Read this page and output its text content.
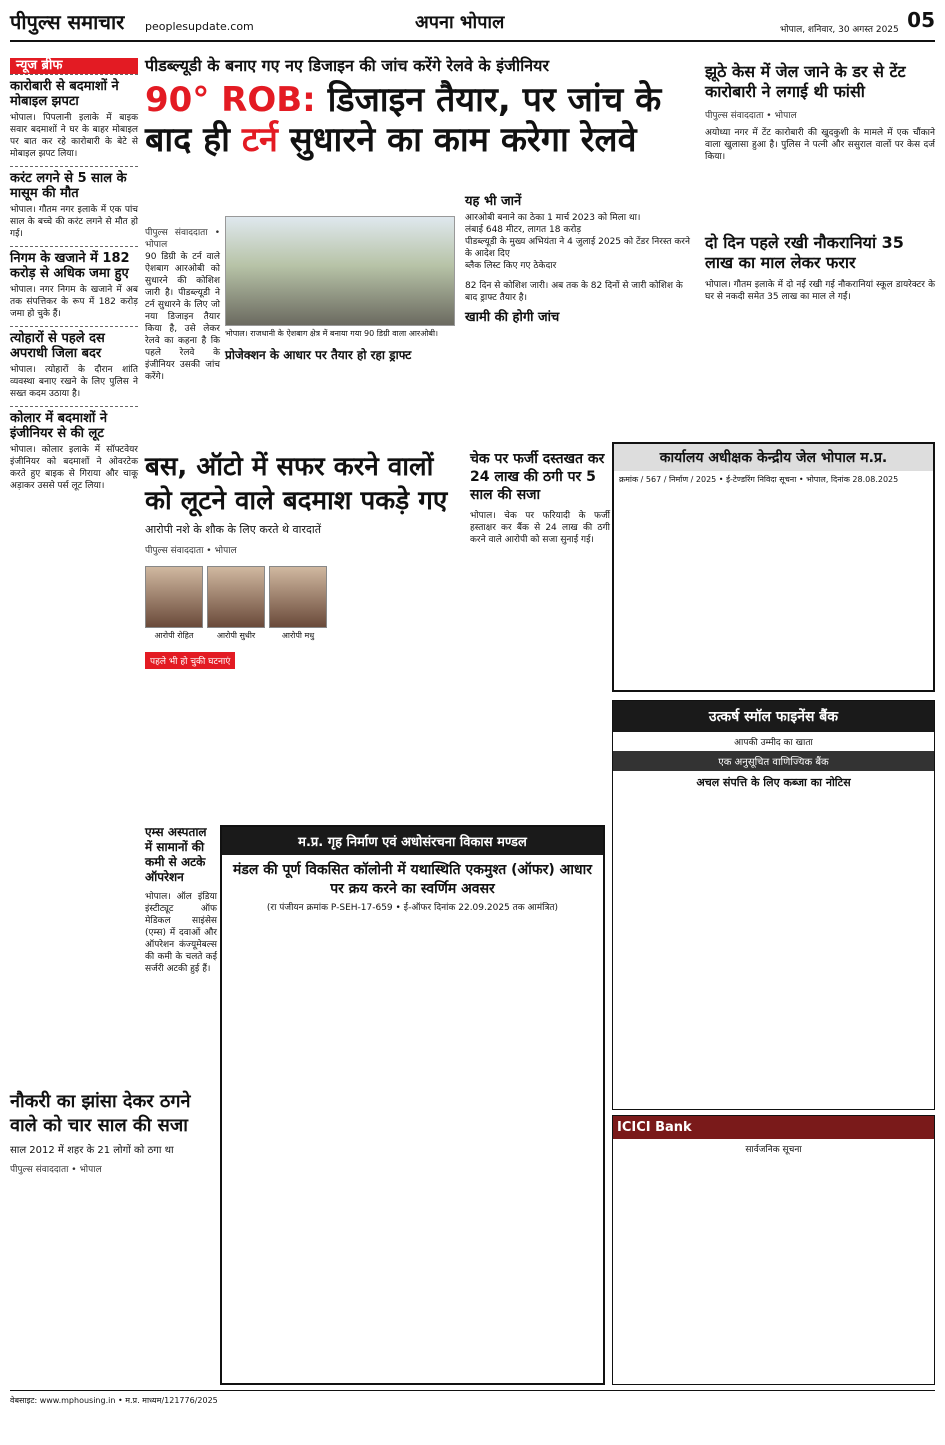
पीपुल्स समाचार peoplesupdate.com	अपना भोपाल	भोपाल, शनिवार, 30 अगस्त 2025 05
न्यूज ब्रीफ
कारोबारी से बदमाशों ने मोबाइल झपटा
भोपाल। पिपलानी इलाके में बाइक सवार बदमाशों ने घर के बाहर मोबाइल पर बात कर रहे कारोबारी के बेटे से मोबाइल झपट लिया।
करंट लगने से 5 साल के मासूम की मौत
भोपाल। गौतम नगर इलाके में एक पांच साल के बच्चे की करंट लगने से मौत हो गई।
निगम के खजाने में 182 करोड़ से अधिक जमा हुए
भोपाल। नगर निगम के खजाने में अब तक संपत्तिकर के रूप में 182 करोड़ जमा हो चुके हैं।
त्योहारों से पहले दस अपराधी जिला बदर
भोपाल। त्योहारों के दौरान शांति व्यवस्था बनाए रखने के लिए पुलिस ने सख्त कदम उठाया है।
कोलार में बदमाशों ने इंजीनियर से की लूट
भोपाल। कोलार इलाके में सॉफ्टवेयर इंजीनियर को बदमाशों ने ओवरटेक करते हुए बाइक से गिराया और चाकू अड़ाकर उससे पर्स लूट लिया।
पीडब्ल्यूडी के बनाए गए नए डिजाइन की जांच करेंगे रेलवे के इंजीनियर
90° ROB: डिजाइन तैयार, पर जांच के बाद ही टर्न सुधारने का काम करेगा रेलवे
पीपुल्स संवाददाता • भोपाल
90 डिग्री के टर्न वाले ऐशबाग आरओबी को सुधारने की कोशिश जारी है। पीडब्ल्यूडी ने टर्न सुधारने के लिए जो नया डिजाइन तैयार किया है, उसे लेकर रेलवे का कहना है कि पहले रेलवे के इंजीनियर उसकी जांच करेंगे।
भोपाल। राजधानी के ऐशबाग क्षेत्र में बनाया गया 90 डिग्री वाला आरओबी।
प्रोजेक्शन के आधार पर तैयार हो रहा ड्राफ्ट
यह भी जानें
आरओबी बनाने का ठेका 1 मार्च 2023 को मिला था।
लंबाई 648 मीटर, लागत 18 करोड़
पीडब्ल्यूडी के मुख्य अभियंता ने 4 जुलाई 2025 को टेंडर निरस्त करने के आदेश दिए
ब्लैक लिस्ट किए गए ठेकेदार
82 दिन से कोशिश जारी। अब तक के 82 दिनों से जारी कोशिश के बाद ड्राफ्ट तैयार है।
खामी की होगी जांच
झूठे केस में जेल जाने के डर से टेंट कारोबारी ने लगाई थी फांसी
पीपुल्स संवाददाता • भोपाल
अयोध्या नगर में टेंट कारोबारी की खुदकुशी के मामले में एक चौंकाने वाला खुलासा हुआ है। पुलिस ने पत्नी और ससुराल वालों पर केस दर्ज किया।
दो दिन पहले रखी नौकरानियां 35 लाख का माल लेकर फरार
भोपाल। गौतम इलाके में दो नई रखी गई नौकरानियां स्कूल डायरेक्टर के घर से नकदी समेत 35 लाख का माल ले गईं।
बस, ऑटो में सफर करने वालों को लूटने वाले बदमाश पकड़े गए
आरोपी नशे के शौक के लिए करते थे वारदातें
पीपुल्स संवाददाता • भोपाल
आरोपी रोहित	आरोपी सुधीर	आरोपी मधु
पहले भी हो चुकी घटनाएं
चेक पर फर्जी दस्तखत कर 24 लाख की ठगी पर 5 साल की सजा
भोपाल। चेक पर फरियादी के फर्जी हस्ताक्षर कर बैंक से 24 लाख की ठगी करने वाले आरोपी को सजा सुनाई गई।
कार्यालय अधीक्षक केन्द्रीय जेल भोपाल म.प्र.
क्रमांक / 567 / निर्माण / 2025 • ई-टेण्डरिंग निविदा सूचना • भोपाल, दिनांक 28.08.2025
उत्कर्ष स्मॉल फाइनेंस बैंक
आपकी उम्मीद का खाता
एक अनुसूचित वाणिज्यिक बैंक
अचल संपत्ति के लिए कब्जा का नोटिस
एम्स अस्पताल में सामानों की कमी से अटके ऑपरेशन
भोपाल। ऑल इंडिया इंस्टीट्यूट ऑफ मेडिकल साइंसेस (एम्स) में दवाओं और ऑपरेशन कंज्यूमेबल्स की कमी के चलते कई सर्जरी अटकी हुई हैं।
म.प्र. गृह निर्माण एवं अधोसंरचना विकास मण्डल
मंडल की पूर्ण विकसित कॉलोनी में यथास्थिति एकमुश्त (ऑफर) आधार पर क्रय करने का स्वर्णिम अवसर
(रा पंजीयन क्रमांक P-SEH-17-659 • ई-ऑफर दिनांक 22.09.2025 तक आमंत्रित)
नौकरी का झांसा देकर ठगने वाले को चार साल की सजा
साल 2012 में शहर के 21 लोगों को ठगा था
पीपुल्स संवाददाता • भोपाल
ICICI Bank
सार्वजनिक सूचना
वेबसाइट: www.mphousing.in • म.प्र. माध्यम/121776/2025
